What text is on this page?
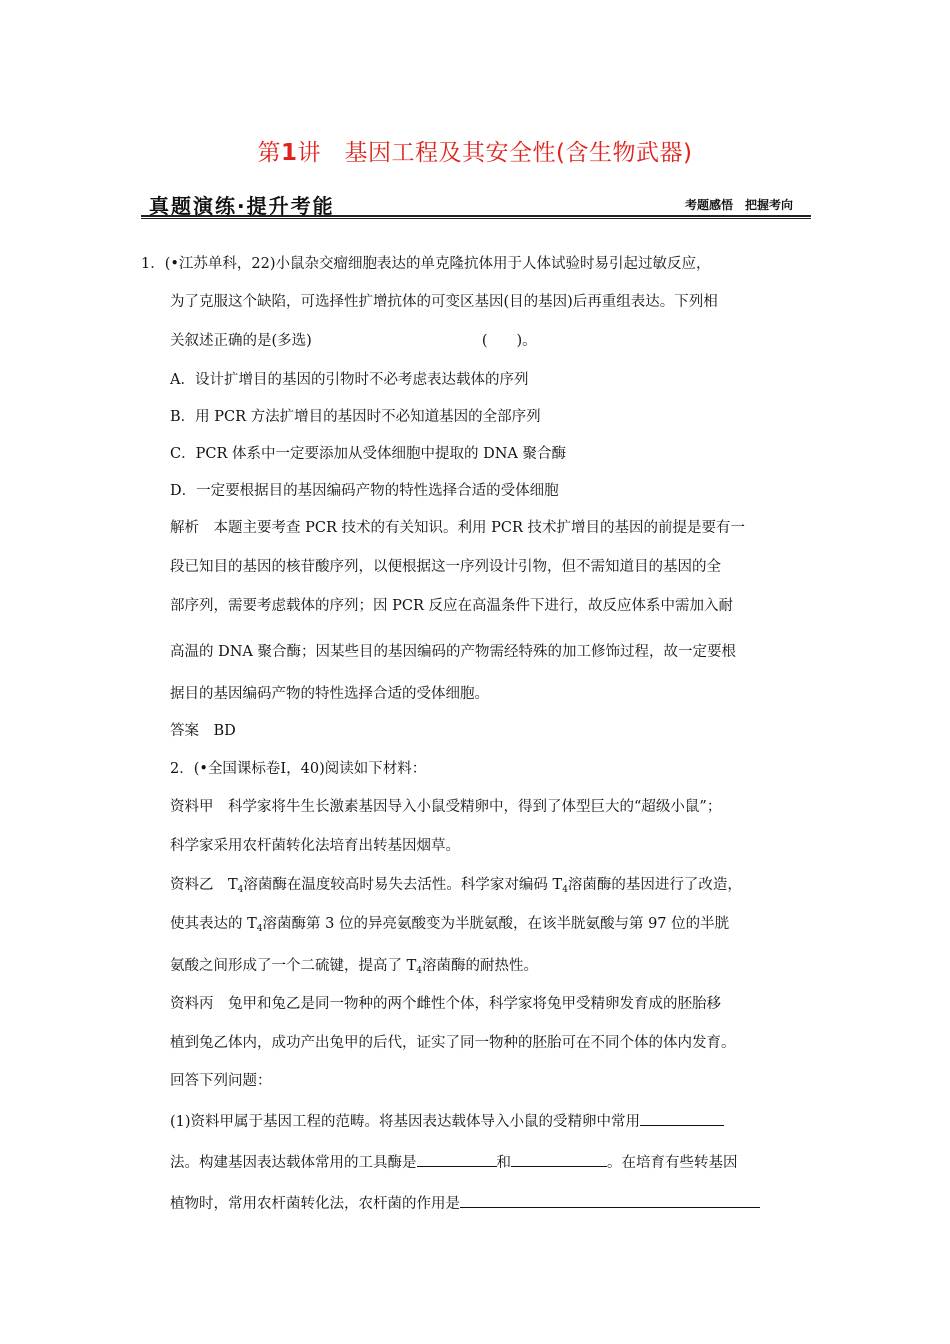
第1讲　基因工程及其安全性(含生物武器)
真题演练·提升考能	考题感悟　把握考向
1．(•江苏单科，22)小鼠杂交瘤细胞表达的单克隆抗体用于人体试验时易引起过敏反应，
为了克服这个缺陷，可选择性扩增抗体的可变区基因(目的基因)后再重组表达。下列相
关叙述正确的是(多选)	(　　)。
A．设计扩增目的基因的引物时不必考虑表达载体的序列
B．用 PCR 方法扩增目的基因时不必知道基因的全部序列
C．PCR 体系中一定要添加从受体细胞中提取的 DNA 聚合酶
D．一定要根据目的基因编码产物的特性选择合适的受体细胞
解析　本题主要考查 PCR 技术的有关知识。利用 PCR 技术扩增目的基因的前提是要有一
段已知目的基因的核苷酸序列，以便根据这一序列设计引物，但不需知道目的基因的全
部序列，需要考虑载体的序列；因 PCR 反应在高温条件下进行，故反应体系中需加入耐
高温的 DNA 聚合酶；因某些目的基因编码的产物需经特殊的加工修饰过程，故一定要根
据目的基因编码产物的特性选择合适的受体细胞。
答案　BD
2．(•全国课标卷Ⅰ，40)阅读如下材料：
资料甲　科学家将牛生长激素基因导入小鼠受精卵中，得到了体型巨大的“超级小鼠”；
科学家采用农杆菌转化法培育出转基因烟草。
资料乙　$T_4$溶菌酶在温度较高时易失去活性。科学家对编码 $T_4$溶菌酶的基因进行了改造，
使其表达的 $T_4$溶菌酶第 3 位的异亮氨酸变为半胱氨酸，在该半胱氨酸与第 97 位的半胱
氨酸之间形成了一个二硫键，提高了 $T_4$溶菌酶的耐热性。
资料丙　兔甲和兔乙是同一物种的两个雌性个体，科学家将兔甲受精卵发育成的胚胎移
植到兔乙体内，成功产出兔甲的后代，证实了同一物种的胚胎可在不同个体的体内发育。
回答下列问题：
(1)资料甲属于基因工程的范畴。将基因表达载体导入小鼠的受精卵中常用
法。构建基因表达载体常用的工具酶是	和	。在培育有些转基因
植物时，常用农杆菌转化法，农杆菌的作用是
